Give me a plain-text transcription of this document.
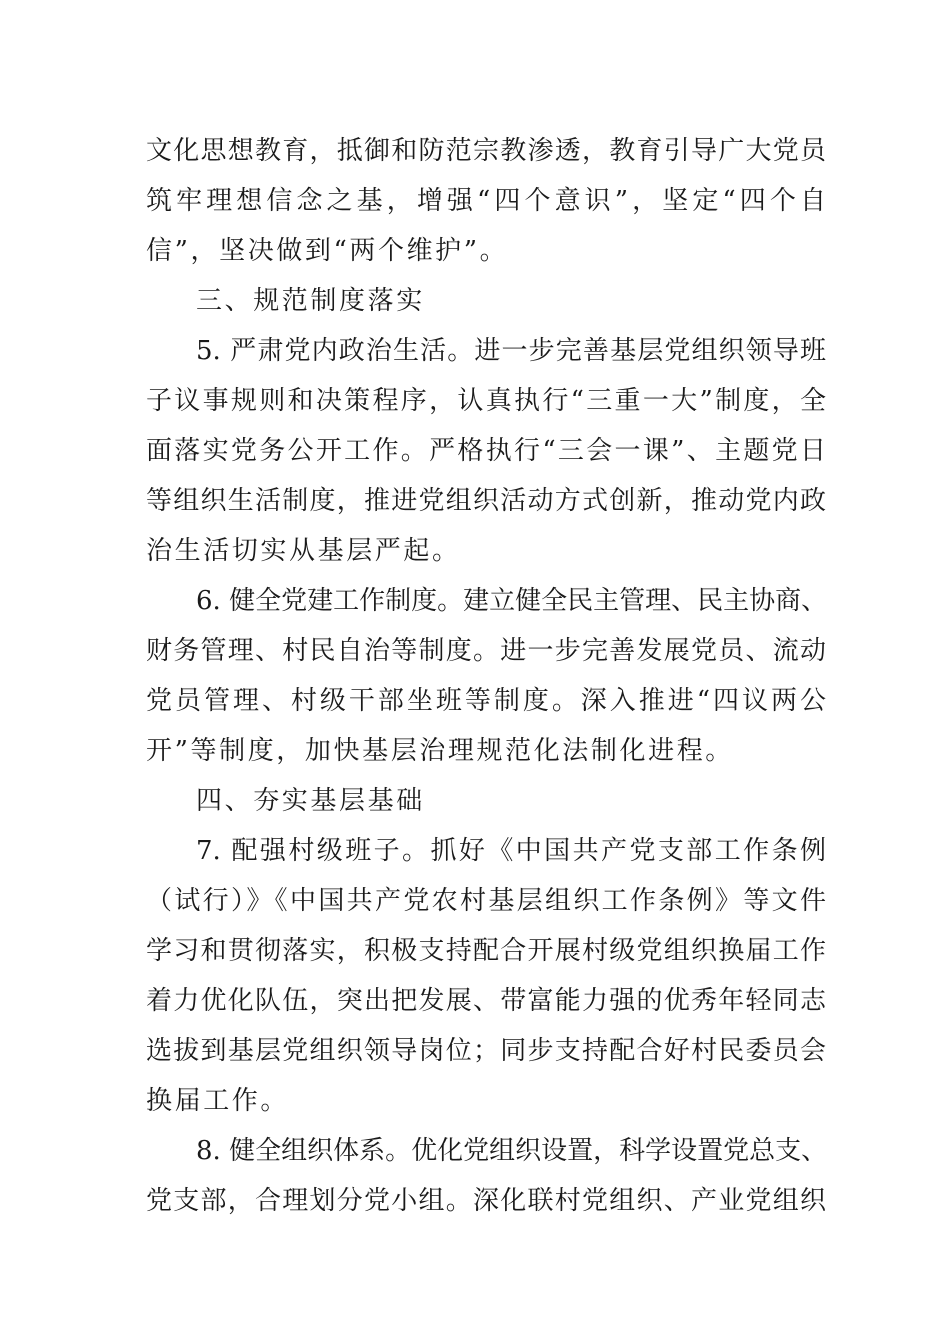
文化思想教育，抵御和防范宗教渗透，教育引导广大党员
筑牢理想信念之基，增强“四个意识”，坚定“四个自
信”，坚决做到“两个维护”。
三、规范制度落实
5. 严肃党内政治生活。进一步完善基层党组织领导班
子议事规则和决策程序，认真执行“三重一大”制度，全
面落实党务公开工作。严格执行“三会一课”、主题党日
等组织生活制度，推进党组织活动方式创新，推动党内政
治生活切实从基层严起。
6. 健全党建工作制度。建立健全民主管理、民主协商、
财务管理、村民自治等制度。进一步完善发展党员、流动
党员管理、村级干部坐班等制度。深入推进“四议两公
开”等制度，加快基层治理规范化法制化进程。
四、夯实基层基础
7. 配强村级班子。抓好《中国共产党支部工作条例
（试行）》《中国共产党农村基层组织工作条例》等文件
学习和贯彻落实，积极支持配合开展村级党组织换届工作
着力优化队伍，突出把发展、带富能力强的优秀年轻同志
选拔到基层党组织领导岗位；同步支持配合好村民委员会
换届工作。
8. 健全组织体系。优化党组织设置，科学设置党总支、
党支部，合理划分党小组。深化联村党组织、产业党组织
